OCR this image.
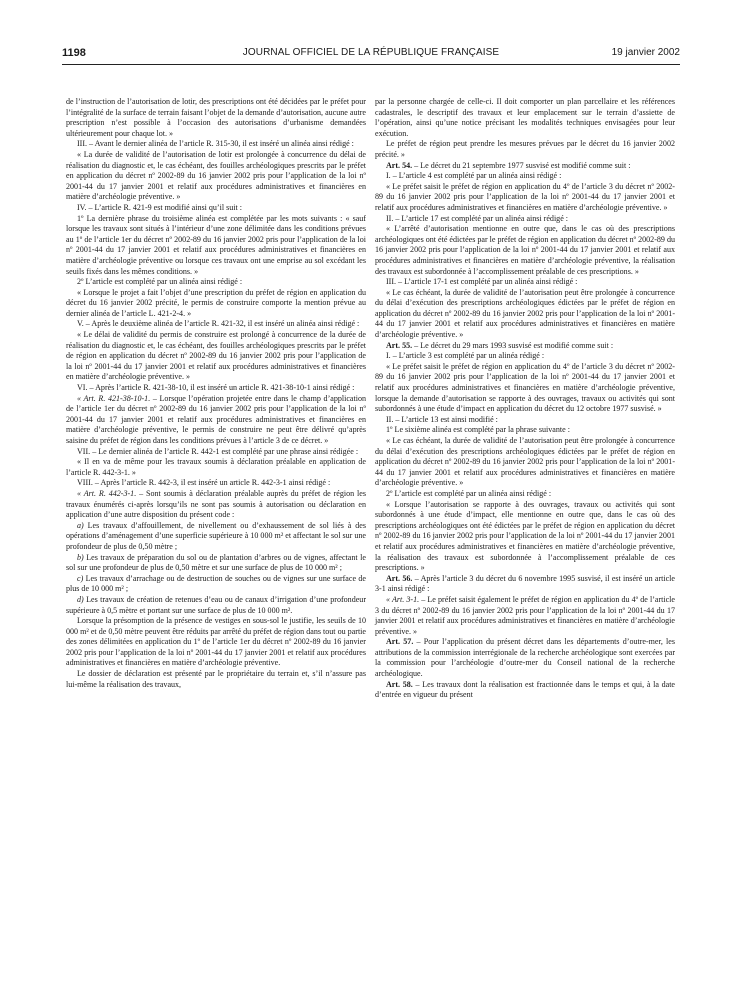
1198	JOURNAL OFFICIEL DE LA RÉPUBLIQUE FRANÇAISE	19 janvier 2002

de l’instruction de l’autorisation de lotir, des prescriptions ont été décidées par le préfet pour l’intégralité de la surface de terrain faisant l’objet de la demande d’autorisation, aucune autre prescription n’est possible à l’occasion des autorisations d’urbanisme demandées ultérieurement pour chaque lot. »

III. – Avant le dernier alinéa de l’article R. 315-30, il est inséré un alinéa ainsi rédigé :

« La durée de validité de l’autorisation de lotir est prolongée à concurrence du délai de réalisation du diagnostic et, le cas échéant, des fouilles archéologiques prescrits par le préfet en application du décret nº 2002-89 du 16 janvier 2002 pris pour l’application de la loi nº 2001-44 du 17 janvier 2001 et relatif aux procédures administratives et financières en matière d’archéologie préventive. »

IV. – L’article R. 421-9 est modifié ainsi qu’il suit :

1º La dernière phrase du troisième alinéa est complétée par les mots suivants : « sauf lorsque les travaux sont situés à l’intérieur d’une zone délimitée dans les conditions prévues au 1º de l’article 1er du décret nº 2002-89 du 16 janvier 2002 pris pour l’application de la loi nº 2001-44 du 17 janvier 2001 et relatif aux procédures administratives et financières en matière d’archéologie préventive ou lorsque ces travaux ont une emprise au sol excédant les seuils fixés dans les mêmes conditions. »

2º L’article est complété par un alinéa ainsi rédigé :

« Lorsque le projet a fait l’objet d’une prescription du préfet de région en application du décret du 16 janvier 2002 précité, le permis de construire comporte la mention prévue au dernier alinéa de l’article L. 421-2-4. »

V. – Après le deuxième alinéa de l’article R. 421-32, il est inséré un alinéa ainsi rédigé :

« Le délai de validité du permis de construire est prolongé à concurrence de la durée de réalisation du diagnostic et, le cas échéant, des fouilles archéologiques prescrits par le préfet de région en application du décret nº 2002-89 du 16 janvier 2002 pris pour l’application de la loi nº 2001-44 du 17 janvier 2001 et relatif aux procédures administratives et financières en matière d’archéologie préventive. »

VI. – Après l’article R. 421-38-10, il est inséré un article R. 421-38-10-1 ainsi rédigé :

« Art. R. 421-38-10-1. – Lorsque l’opération projetée entre dans le champ d’application de l’article 1er du décret nº 2002-89 du 16 janvier 2002 pris pour l’application de la loi nº 2001-44 du 17 janvier 2001 et relatif aux procédures administratives et financières en matière d’archéologie préventive, le permis de construire ne peut être délivré qu’après saisine du préfet de région dans les conditions prévues à l’article 3 de ce décret. »

VII. – Le dernier alinéa de l’article R. 442-1 est complété par une phrase ainsi rédigée :

« Il en va de même pour les travaux soumis à déclaration préalable en application de l’article R. 442-3-1. »

VIII. – Après l’article R. 442-3, il est inséré un article R. 442-3-1 ainsi rédigé :

« Art. R. 442-3-1. – Sont soumis à déclaration préalable auprès du préfet de région les travaux énumérés ci-après lorsqu’ils ne sont pas soumis à autorisation ou déclaration en application d’une autre disposition du présent code :

a) Les travaux d’affouillement, de nivellement ou d’exhaussement de sol liés à des opérations d’aménagement d’une superficie supérieure à 10 000 m² et affectant le sol sur une profondeur de plus de 0,50 mètre ;

b) Les travaux de préparation du sol ou de plantation d’arbres ou de vignes, affectant le sol sur une profondeur de plus de 0,50 mètre et sur une surface de plus de 10 000 m² ;

c) Les travaux d’arrachage ou de destruction de souches ou de vignes sur une surface de plus de 10 000 m² ;

d) Les travaux de création de retenues d’eau ou de canaux d’irrigation d’une profondeur supérieure à 0,5 mètre et portant sur une surface de plus de 10 000 m².

Lorsque la présomption de la présence de vestiges en sous-sol le justifie, les seuils de 10 000 m² et de 0,50 mètre peuvent être réduits par arrêté du préfet de région dans tout ou partie des zones délimitées en application du 1º de l’article 1er du décret nº 2002-89 du 16 janvier 2002 pris pour l’application de la loi nº 2001-44 du 17 janvier 2001 et relatif aux procédures administratives et financières en matière d’archéologie préventive.

Le dossier de déclaration est présenté par le propriétaire du terrain et, s’il n’assure pas lui-même la réalisation des travaux,

par la personne chargée de celle-ci. Il doit comporter un plan parcellaire et les références cadastrales, le descriptif des travaux et leur emplacement sur le terrain d’assiette de l’opération, ainsi qu’une notice précisant les modalités techniques envisagées pour leur exécution.

Le préfet de région peut prendre les mesures prévues par le décret du 16 janvier 2002 précité. »

Art. 54. – Le décret du 21 septembre 1977 susvisé est modifié comme suit :

I. – L’article 4 est complété par un alinéa ainsi rédigé :

« Le préfet saisit le préfet de région en application du 4º de l’article 3 du décret nº 2002-89 du 16 janvier 2002 pris pour l’application de la loi nº 2001-44 du 17 janvier 2001 et relatif aux procédures administratives et financières en matière d’archéologie préventive. »

II. – L’article 17 est complété par un alinéa ainsi rédigé :

« L’arrêté d’autorisation mentionne en outre que, dans le cas où des prescriptions archéologiques ont été édictées par le préfet de région en application du décret nº 2002-89 du 16 janvier 2002 pris pour l’application de la loi nº 2001-44 du 17 janvier 2001 et relatif aux procédures administratives et financières en matière d’archéologie préventive, la réalisation des travaux est subordonnée à l’accomplissement préalable de ces prescriptions. »

III. – L’article 17-1 est complété par un alinéa ainsi rédigé :

« Le cas échéant, la durée de validité de l’autorisation peut être prolongée à concurrence du délai d’exécution des prescriptions archéologiques édictées par le préfet de région en application du décret nº 2002-89 du 16 janvier 2002 pris pour l’application de la loi nº 2001-44 du 17 janvier 2001 et relatif aux procédures administratives et financières en matière d’archéologie préventive. »

Art. 55. – Le décret du 29 mars 1993 susvisé est modifié comme suit :

I. – L’article 3 est complété par un alinéa rédigé :

« Le préfet saisit le préfet de région en application du 4º de l’article 3 du décret nº 2002-89 du 16 janvier 2002 pris pour l’application de la loi nº 2001-44 du 17 janvier 2001 et relatif aux procédures administratives et financières en matière d’archéologie préventive, lorsque la demande d’autorisation se rapporte à des ouvrages, travaux ou activités qui sont subordonnés à une étude d’impact en application du décret du 12 octobre 1977 susvisé. »

II. – L’article 13 est ainsi modifié :

1º Le sixième alinéa est complété par la phrase suivante :

« Le cas échéant, la durée de validité de l’autorisation peut être prolongée à concurrence du délai d’exécution des prescriptions archéologiques édictées par le préfet de région en application du décret nº 2002-89 du 16 janvier 2002 pris pour l’application de la loi nº 2001-44 du 17 janvier 2001 et relatif aux procédures administratives et financières en matière d’archéologie préventive. »

2º L’article est complété par un alinéa ainsi rédigé :

« Lorsque l’autorisation se rapporte à des ouvrages, travaux ou activités qui sont subordonnés à une étude d’impact, elle mentionne en outre que, dans le cas où des prescriptions archéologiques ont été édictées par le préfet de région en application du décret nº 2002-89 du 16 janvier 2002 pris pour l’application de la loi nº 2001-44 du 17 janvier 2001 et relatif aux procédures administratives et financières en matière d’archéologie préventive, la réalisation des travaux est subordonnée à l’accomplissement préalable de ces prescriptions. »

Art. 56. – Après l’article 3 du décret du 6 novembre 1995 susvisé, il est inséré un article 3-1 ainsi rédigé :

« Art. 3-1. – Le préfet saisit également le préfet de région en application du 4º de l’article 3 du décret nº 2002-89 du 16 janvier 2002 pris pour l’application de la loi nº 2001-44 du 17 janvier 2001 et relatif aux procédures administratives et financières en matière d’archéologie préventive. »

Art. 57. – Pour l’application du présent décret dans les départements d’outre-mer, les attributions de la commission interrégionale de la recherche archéologique sont exercées par la commission pour l’archéologie d’outre-mer du Conseil national de la recherche archéologique.

Art. 58. – Les travaux dont la réalisation est fractionnée dans le temps et qui, à la date d’entrée en vigueur du présent
